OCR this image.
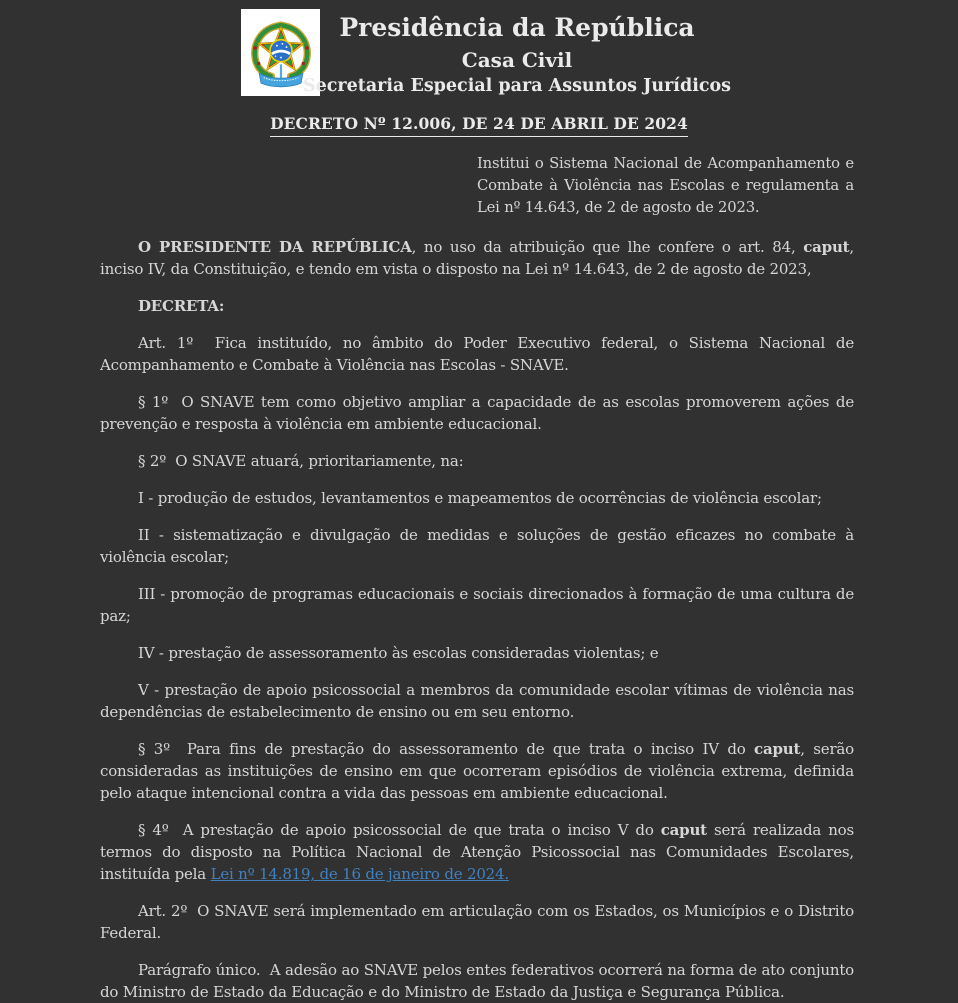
Presidência da República
Casa Civil
Secretaria Especial para Assuntos Jurídicos
DECRETO Nº 12.006, DE 24 DE ABRIL DE 2024
Institui o Sistema Nacional de Acompanhamento e Combate à Violência nas Escolas e regulamenta a Lei nº 14.643, de 2 de agosto de 2023.

O PRESIDENTE DA REPÚBLICA, no uso da atribuição que lhe confere o art. 84, caput, inciso IV, da Constituição, e tendo em vista o disposto na Lei nº 14.643, de 2 de agosto de 2023,

DECRETA:

Art. 1º  Fica instituído, no âmbito do Poder Executivo federal, o Sistema Nacional de Acompanhamento e Combate à Violência nas Escolas - SNAVE.

§ 1º  O SNAVE tem como objetivo ampliar a capacidade de as escolas promoverem ações de prevenção e resposta à violência em ambiente educacional.

§ 2º  O SNAVE atuará, prioritariamente, na:

I - produção de estudos, levantamentos e mapeamentos de ocorrências de violência escolar;

II - sistematização e divulgação de medidas e soluções de gestão eficazes no combate à violência escolar;

III - promoção de programas educacionais e sociais direcionados à formação de uma cultura de paz;

IV - prestação de assessoramento às escolas consideradas violentas; e

V - prestação de apoio psicossocial a membros da comunidade escolar vítimas de violência nas dependências de estabelecimento de ensino ou em seu entorno.

§ 3º  Para fins de prestação do assessoramento de que trata o inciso IV do caput, serão consideradas as instituições de ensino em que ocorreram episódios de violência extrema, definida pelo ataque intencional contra a vida das pessoas em ambiente educacional.

§ 4º  A prestação de apoio psicossocial de que trata o inciso V do caput será realizada nos termos do disposto na Política Nacional de Atenção Psicossocial nas Comunidades Escolares, instituída pela Lei nº 14.819, de 16 de janeiro de 2024.

Art. 2º  O SNAVE será implementado em articulação com os Estados, os Municípios e o Distrito Federal.

Parágrafo único.  A adesão ao SNAVE pelos entes federativos ocorrerá na forma de ato conjunto do Ministro de Estado da Educação e do Ministro de Estado da Justiça e Segurança Pública.
